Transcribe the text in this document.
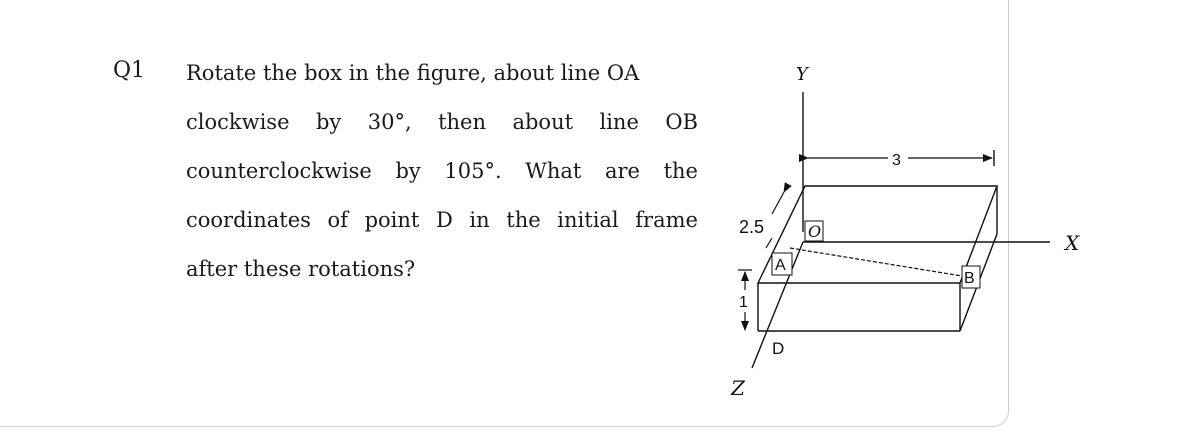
Q1 Rotate the box in the figure, about line OA
clockwise by 30°, then about line OB
counterclockwise by 105°. What are the
coordinates of point D in the initial frame
after these rotations?
Y
X
Z
3
2.5
1
O
A
B
D
